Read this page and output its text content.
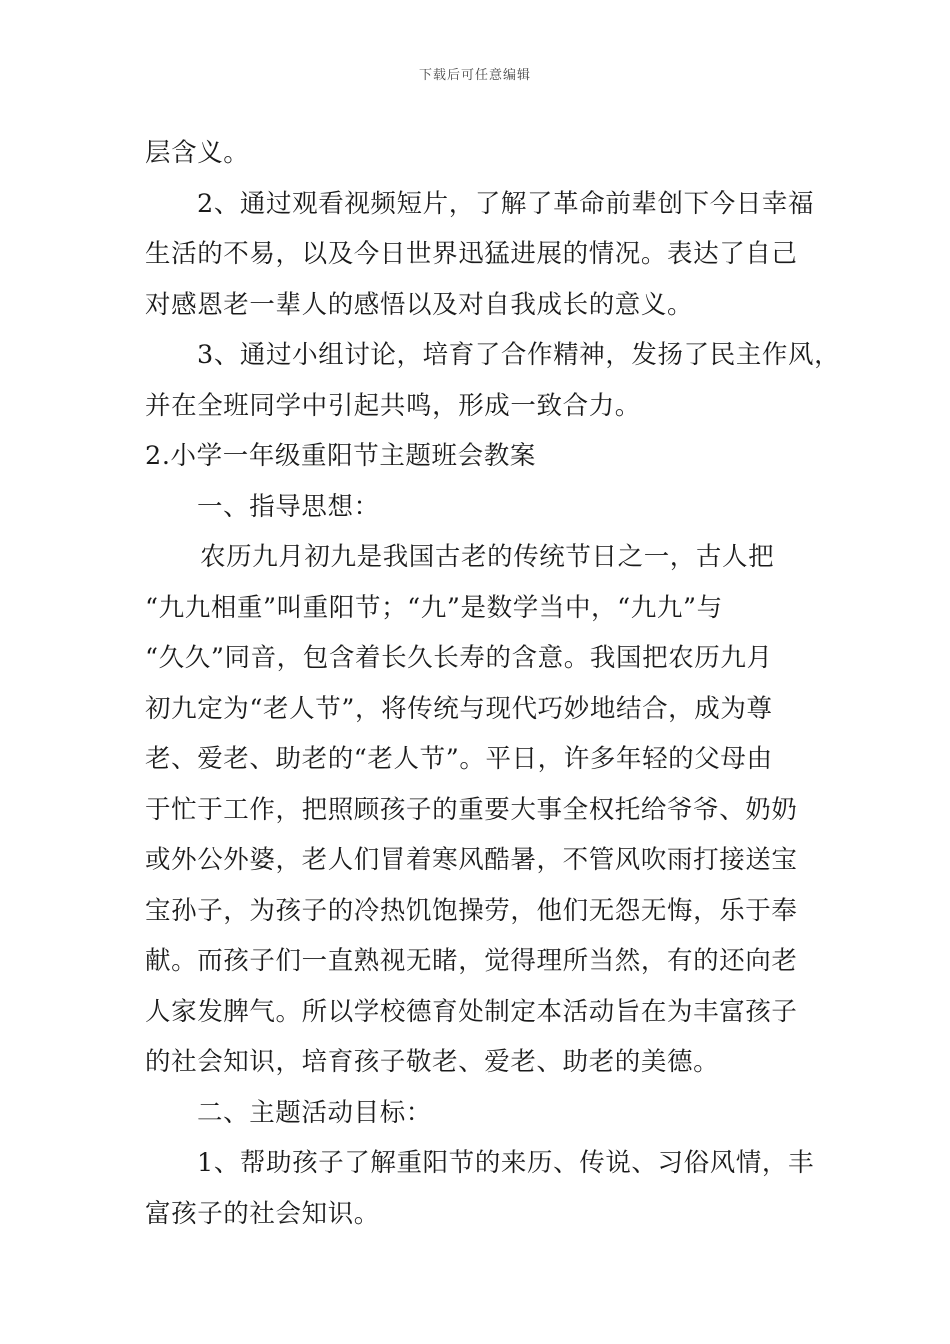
下载后可任意编辑
层含义。
2、通过观看视频短片，了解了革命前辈创下今日幸福
生活的不易，以及今日世界迅猛进展的情况。表达了自己
对感恩老一辈人的感悟以及对自我成长的意义。
3、通过小组讨论，培育了合作精神，发扬了民主作风，
并在全班同学中引起共鸣，形成一致合力。
2.小学一年级重阳节主题班会教案
一、指导思想：
农历九月初九是我国古老的传统节日之一，古人把
“九九相重”叫重阳节；“九”是数学当中，“九九”与
“久久”同音，包含着长久长寿的含意。我国把农历九月
初九定为“老人节”，将传统与现代巧妙地结合，成为尊
老、爱老、助老的“老人节”。平日，许多年轻的父母由
于忙于工作，把照顾孩子的重要大事全权托给爷爷、奶奶
或外公外婆，老人们冒着寒风酷暑，不管风吹雨打接送宝
宝孙子，为孩子的冷热饥饱操劳，他们无怨无悔，乐于奉
献。而孩子们一直熟视无睹，觉得理所当然，有的还向老
人家发脾气。所以学校德育处制定本活动旨在为丰富孩子
的社会知识，培育孩子敬老、爱老、助老的美德。
二、主题活动目标：
1、帮助孩子了解重阳节的来历、传说、习俗风情，丰
富孩子的社会知识。
